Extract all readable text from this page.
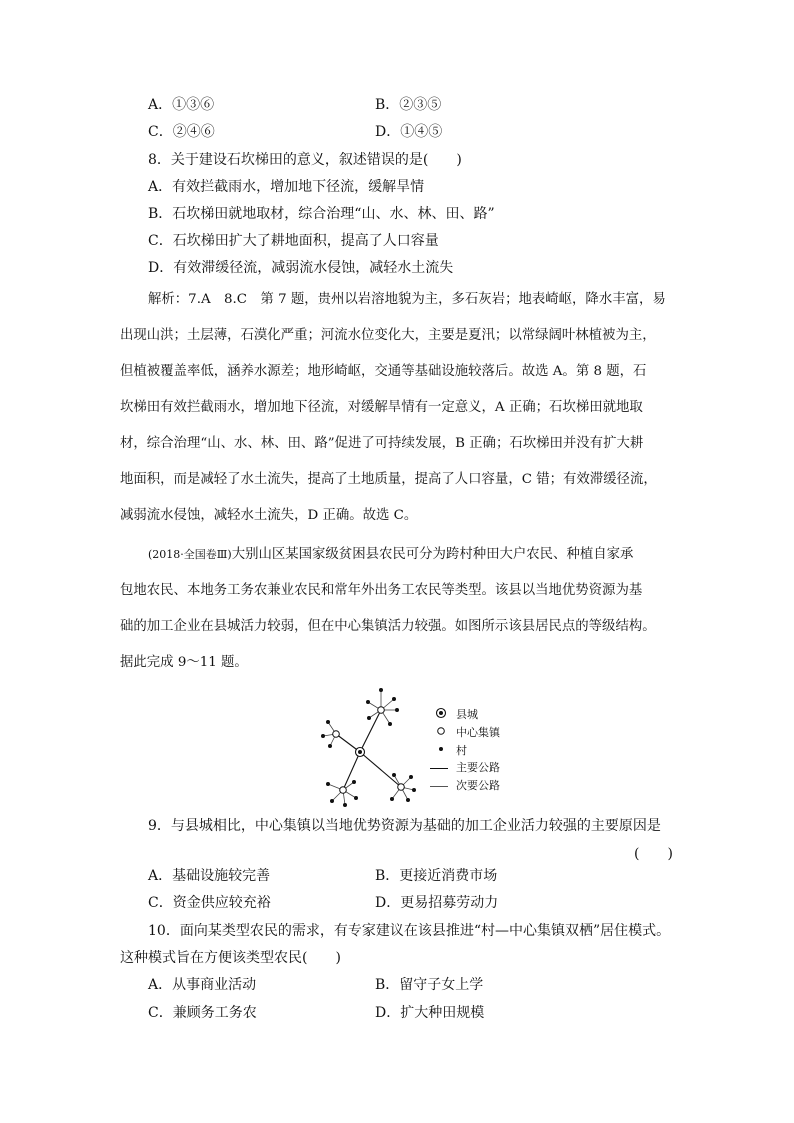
A．①③⑥	B．②③⑤
C．②④⑥	D．①④⑤
8．关于建设石坎梯田的意义，叙述错误的是(　　)
A．有效拦截雨水，增加地下径流，缓解旱情
B．石坎梯田就地取材，综合治理“山、水、林、田、路”
C．石坎梯田扩大了耕地面积，提高了人口容量
D．有效滞缓径流，减弱流水侵蚀，减轻水土流失
解析：7.A　8.C　第 7 题，贵州以岩溶地貌为主，多石灰岩；地表崎岖，降水丰富，易
出现山洪；土层薄，石漠化严重；河流水位变化大，主要是夏汛；以常绿阔叶林植被为主，
但植被覆盖率低，涵养水源差；地形崎岖，交通等基础设施较落后。故选 A。第 8 题，石
坎梯田有效拦截雨水，增加地下径流，对缓解旱情有一定意义，A 正确；石坎梯田就地取
材，综合治理“山、水、林、田、路”促进了可持续发展，B 正确；石坎梯田并没有扩大耕
地面积，而是减轻了水土流失，提高了土地质量，提高了人口容量，C 错；有效滞缓径流，
减弱流水侵蚀，减轻水土流失，D 正确。故选 C。
(2018·全国卷Ⅲ)大别山区某国家级贫困县农民可分为跨村种田大户农民、种植自家承
包地农民、本地务工务农兼业农民和常年外出务工农民等类型。该县以当地优势资源为基
础的加工企业在县城活力较弱，但在中心集镇活力较强。如图所示该县居民点的等级结构。
据此完成 9～11 题。
县城
中心集镇
村
主要公路
次要公路
9．与县城相比，中心集镇以当地优势资源为基础的加工企业活力较强的主要原因是
(　　)
A．基础设施较完善	B．更接近消费市场
C．资金供应较充裕	D．更易招募劳动力
10．面向某类型农民的需求，有专家建议在该县推进“村—中心集镇双栖”居住模式。
这种模式旨在方便该类型农民(　　)
A．从事商业活动	B．留守子女上学
C．兼顾务工务农	D．扩大种田规模
